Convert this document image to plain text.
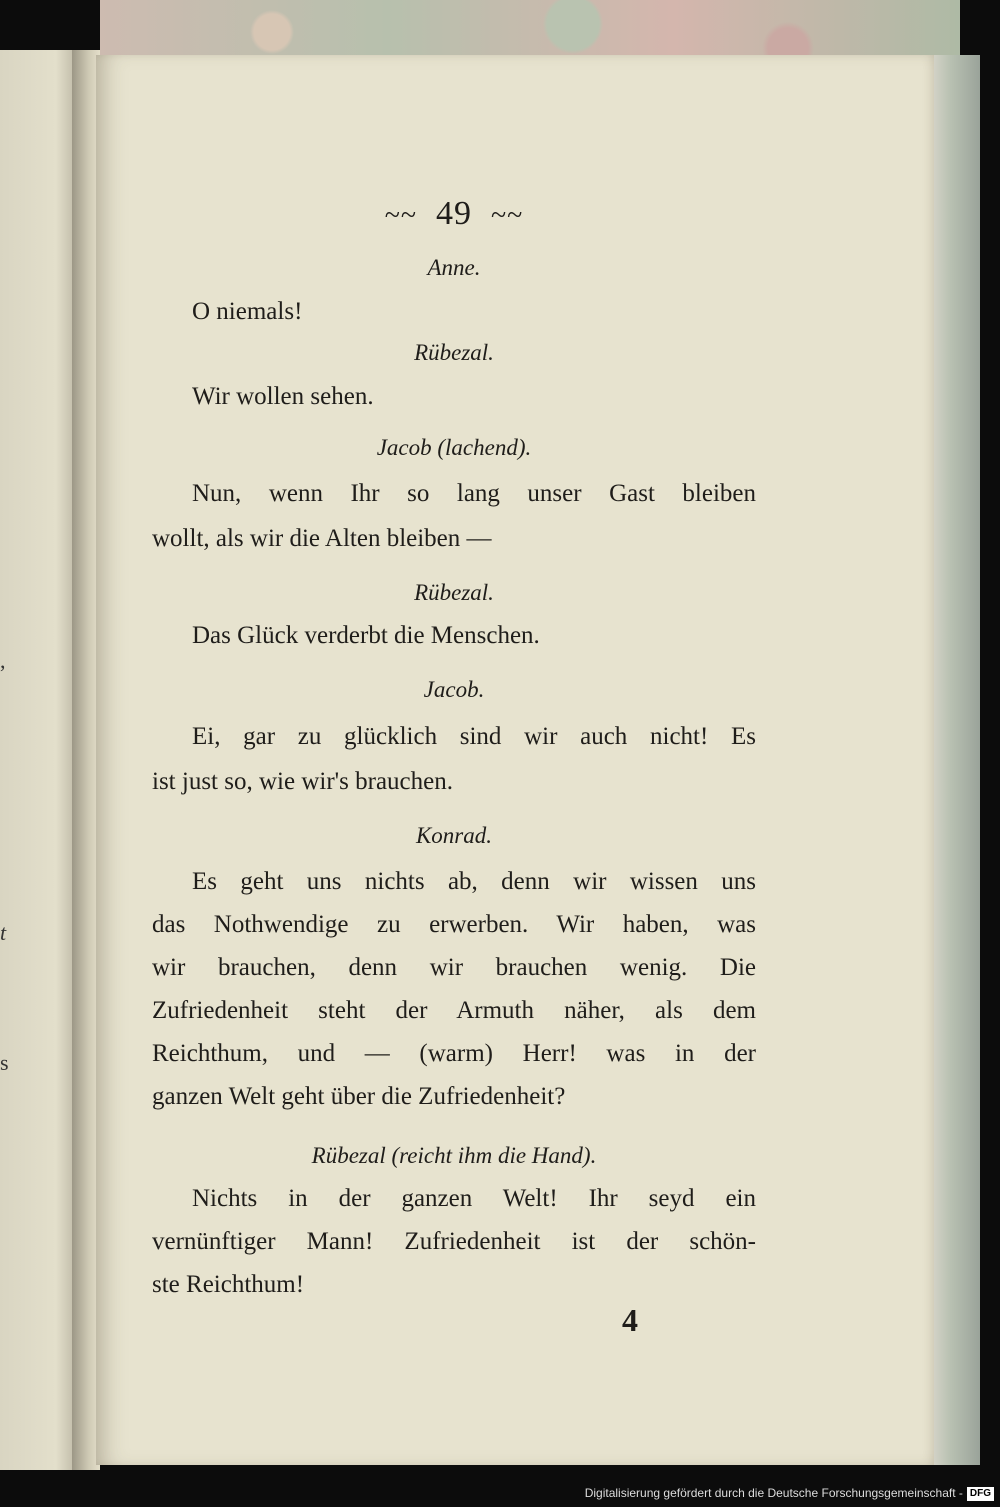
,
t
s
~~ 49 ~~
Anne.
O niemals!
Rübezal.
Wir wollen sehen.
Jacob (lachend).
Nun, wenn Ihr so lang unser Gast bleiben
wollt, als wir die Alten bleiben —
Rübezal.
Das Glück verderbt die Menschen.
Jacob.
Ei, gar zu glücklich sind wir auch nicht! Es
ist just so, wie wir's brauchen.
Konrad.
Es geht uns nichts ab, denn wir wissen uns
das Nothwendige zu erwerben. Wir haben, was
wir brauchen, denn wir brauchen wenig. Die
Zufriedenheit steht der Armuth näher, als dem
Reichthum, und — (warm) Herr! was in der
ganzen Welt geht über die Zufriedenheit?
Rübezal (reicht ihm die Hand).
Nichts in der ganzen Welt! Ihr seyd ein
vernünftiger Mann! Zufriedenheit ist der schön-
ste Reichthum!
4
Digitalisierung gefördert durch die Deutsche Forschungsgemeinschaft - DFG
